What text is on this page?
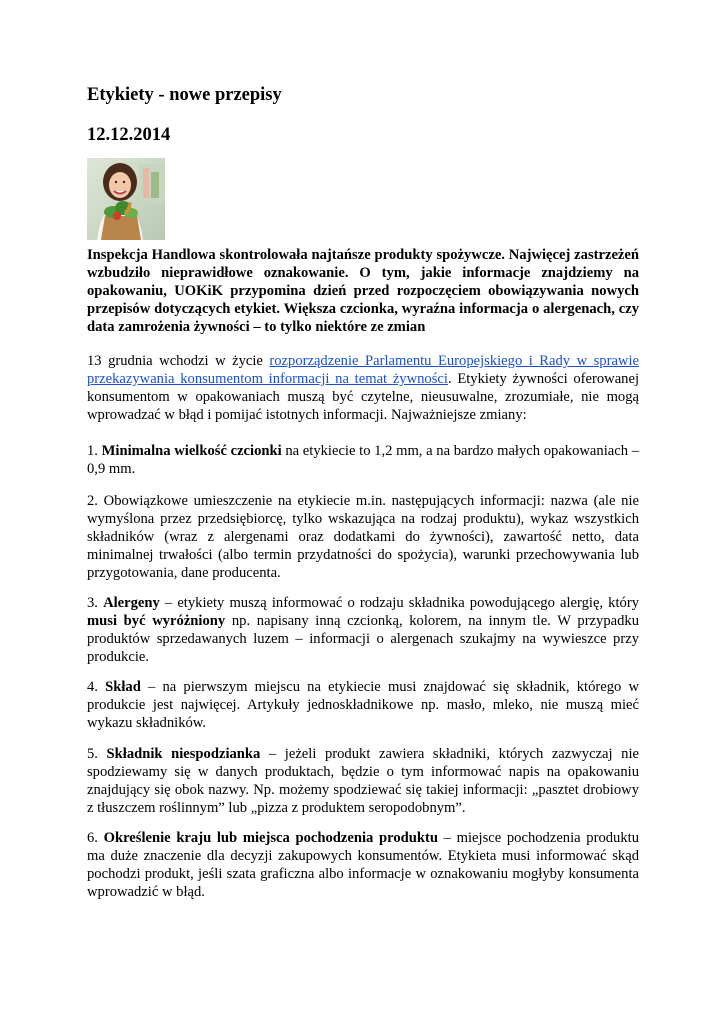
Etykiety - nowe przepisy
12.12.2014

Inspekcja Handlowa skontrolowała najtańsze produkty spożywcze. Najwięcej zastrzeżeń wzbudziło nieprawidłowe oznakowanie. O tym, jakie informacje znajdziemy na opakowaniu, UOKiK przypomina dzień przed rozpoczęciem obowiązywania nowych przepisów dotyczących etykiet. Większa czcionka, wyraźna informacja o alergenach, czy data zamrożenia żywności – to tylko niektóre ze zmian

13 grudnia wchodzi w życie rozporządzenie Parlamentu Europejskiego i Rady w sprawie przekazywania konsumentom informacji na temat żywności. Etykiety żywności oferowanej konsumentom w opakowaniach muszą być czytelne, nieusuwalne, zrozumiałe, nie mogą wprowadzać w błąd i pomijać istotnych informacji. Najważniejsze zmiany:

1. Minimalna wielkość czcionki na etykiecie to 1,2 mm, a na bardzo małych opakowaniach – 0,9 mm.

2. Obowiązkowe umieszczenie na etykiecie m.in. następujących informacji: nazwa (ale nie wymyślona przez przedsiębiorcę, tylko wskazująca na rodzaj produktu), wykaz wszystkich składników (wraz z alergenami oraz dodatkami do żywności), zawartość netto, data minimalnej trwałości (albo termin przydatności do spożycia), warunki przechowywania lub przygotowania, dane producenta.

3. Alergeny – etykiety muszą informować o rodzaju składnika powodującego alergię, który musi być wyróżniony np. napisany inną czcionką, kolorem, na innym tle. W przypadku produktów sprzedawanych luzem – informacji o alergenach szukajmy na wywieszce przy produkcie.

4. Skład – na pierwszym miejscu na etykiecie musi znajdować się składnik, którego w produkcie jest najwięcej. Artykuły jednoskładnikowe np. masło, mleko, nie muszą mieć wykazu składników.

5. Składnik niespodzianka – jeżeli produkt zawiera składniki, których zazwyczaj nie spodziewamy się w danych produktach, będzie o tym informować napis na opakowaniu znajdujący się obok nazwy. Np. możemy spodziewać się takiej informacji: „pasztet drobiowy z tłuszczem roślinnym” lub „pizza z produktem seropodobnym”.

6. Określenie kraju lub miejsca pochodzenia produktu – miejsce pochodzenia produktu ma duże znaczenie dla decyzji zakupowych konsumentów. Etykieta musi informować skąd pochodzi produkt, jeśli szata graficzna albo informacje w oznakowaniu mogłyby konsumenta wprowadzić w błąd.
